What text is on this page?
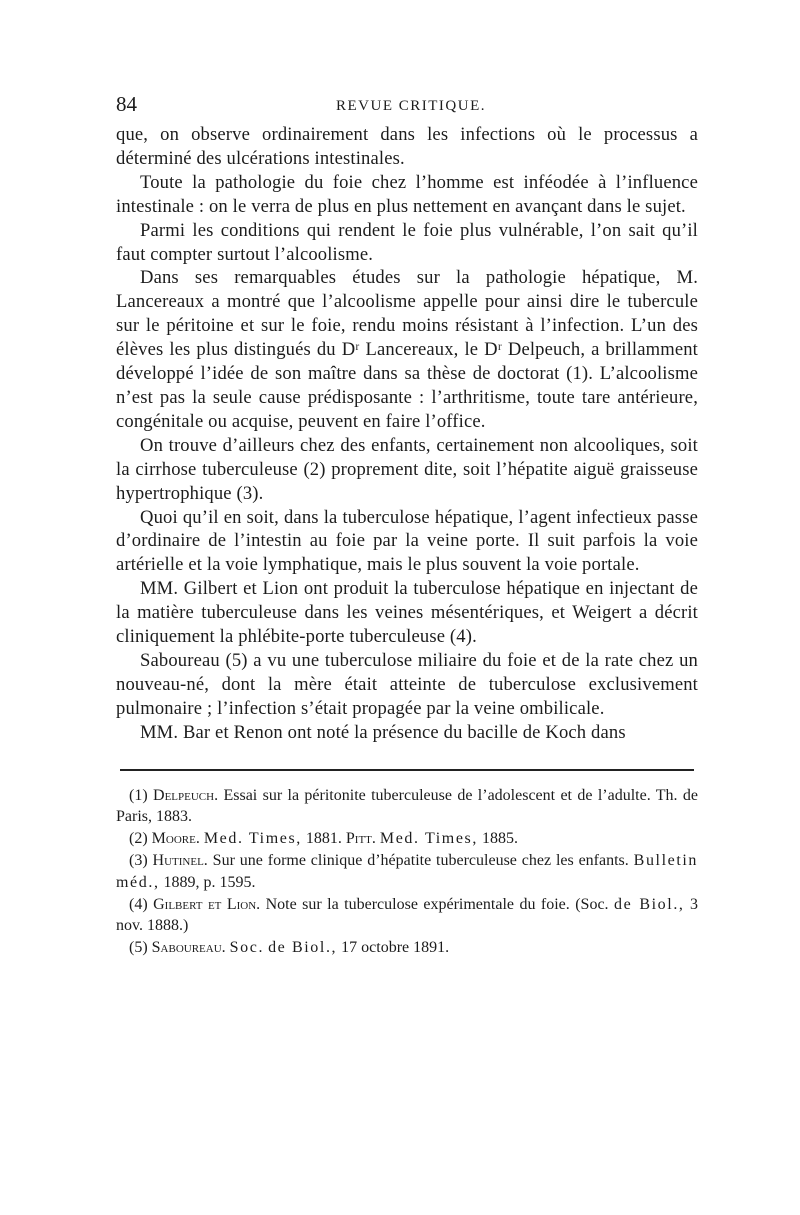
84	REVUE CRITIQUE.

que, on observe ordinairement dans les infections où le processus a déterminé des ulcérations intestinales.

Toute la pathologie du foie chez l’homme est inféodée à l’influence intestinale : on le verra de plus en plus nettement en avançant dans le sujet.

Parmi les conditions qui rendent le foie plus vulnérable, l’on sait qu’il faut compter surtout l’alcoolisme.

Dans ses remarquables études sur la pathologie hépatique, M. Lancereaux a montré que l’alcoolisme appelle pour ainsi dire le tubercule sur le péritoine et sur le foie, rendu moins résistant à l’infection. L’un des élèves les plus distingués du Dʳ Lancereaux, le Dʳ Delpeuch, a brillamment développé l’idée de son maître dans sa thèse de doctorat (1). L’alcoolisme n’est pas la seule cause prédisposante : l’arthritisme, toute tare antérieure, congénitale ou acquise, peuvent en faire l’office.

On trouve d’ailleurs chez des enfants, certainement non alcooliques, soit la cirrhose tuberculeuse (2) proprement dite, soit l’hépatite aiguë graisseuse hypertrophique (3).

Quoi qu’il en soit, dans la tuberculose hépatique, l’agent infectieux passe d’ordinaire de l’intestin au foie par la veine porte. Il suit parfois la voie artérielle et la voie lymphatique, mais le plus souvent la voie portale.

MM. Gilbert et Lion ont produit la tuberculose hépatique en injectant de la matière tuberculeuse dans les veines mésentériques, et Weigert a décrit cliniquement la phlébite-porte tuberculeuse (4).

Saboureau (5) a vu une tuberculose miliaire du foie et de la rate chez un nouveau-né, dont la mère était atteinte de tuberculose exclusivement pulmonaire ; l’infection s’était propagée par la veine ombilicale.

MM. Bar et Renon ont noté la présence du bacille de Koch dans

(1) Delpeuch. Essai sur la péritonite tuberculeuse de l’adolescent et de l’adulte. Th. de Paris, 1883.

(2) Moore. Med. Times, 1881. Pitt. Med. Times, 1885.

(3) Hutinel. Sur une forme clinique d’hépatite tuberculeuse chez les enfants. Bulletin méd., 1889, p. 1595.

(4) Gilbert et Lion. Note sur la tuberculose expérimentale du foie. (Soc. de Biol., 3 nov. 1888.)

(5) Saboureau. Soc. de Biol., 17 octobre 1891.
